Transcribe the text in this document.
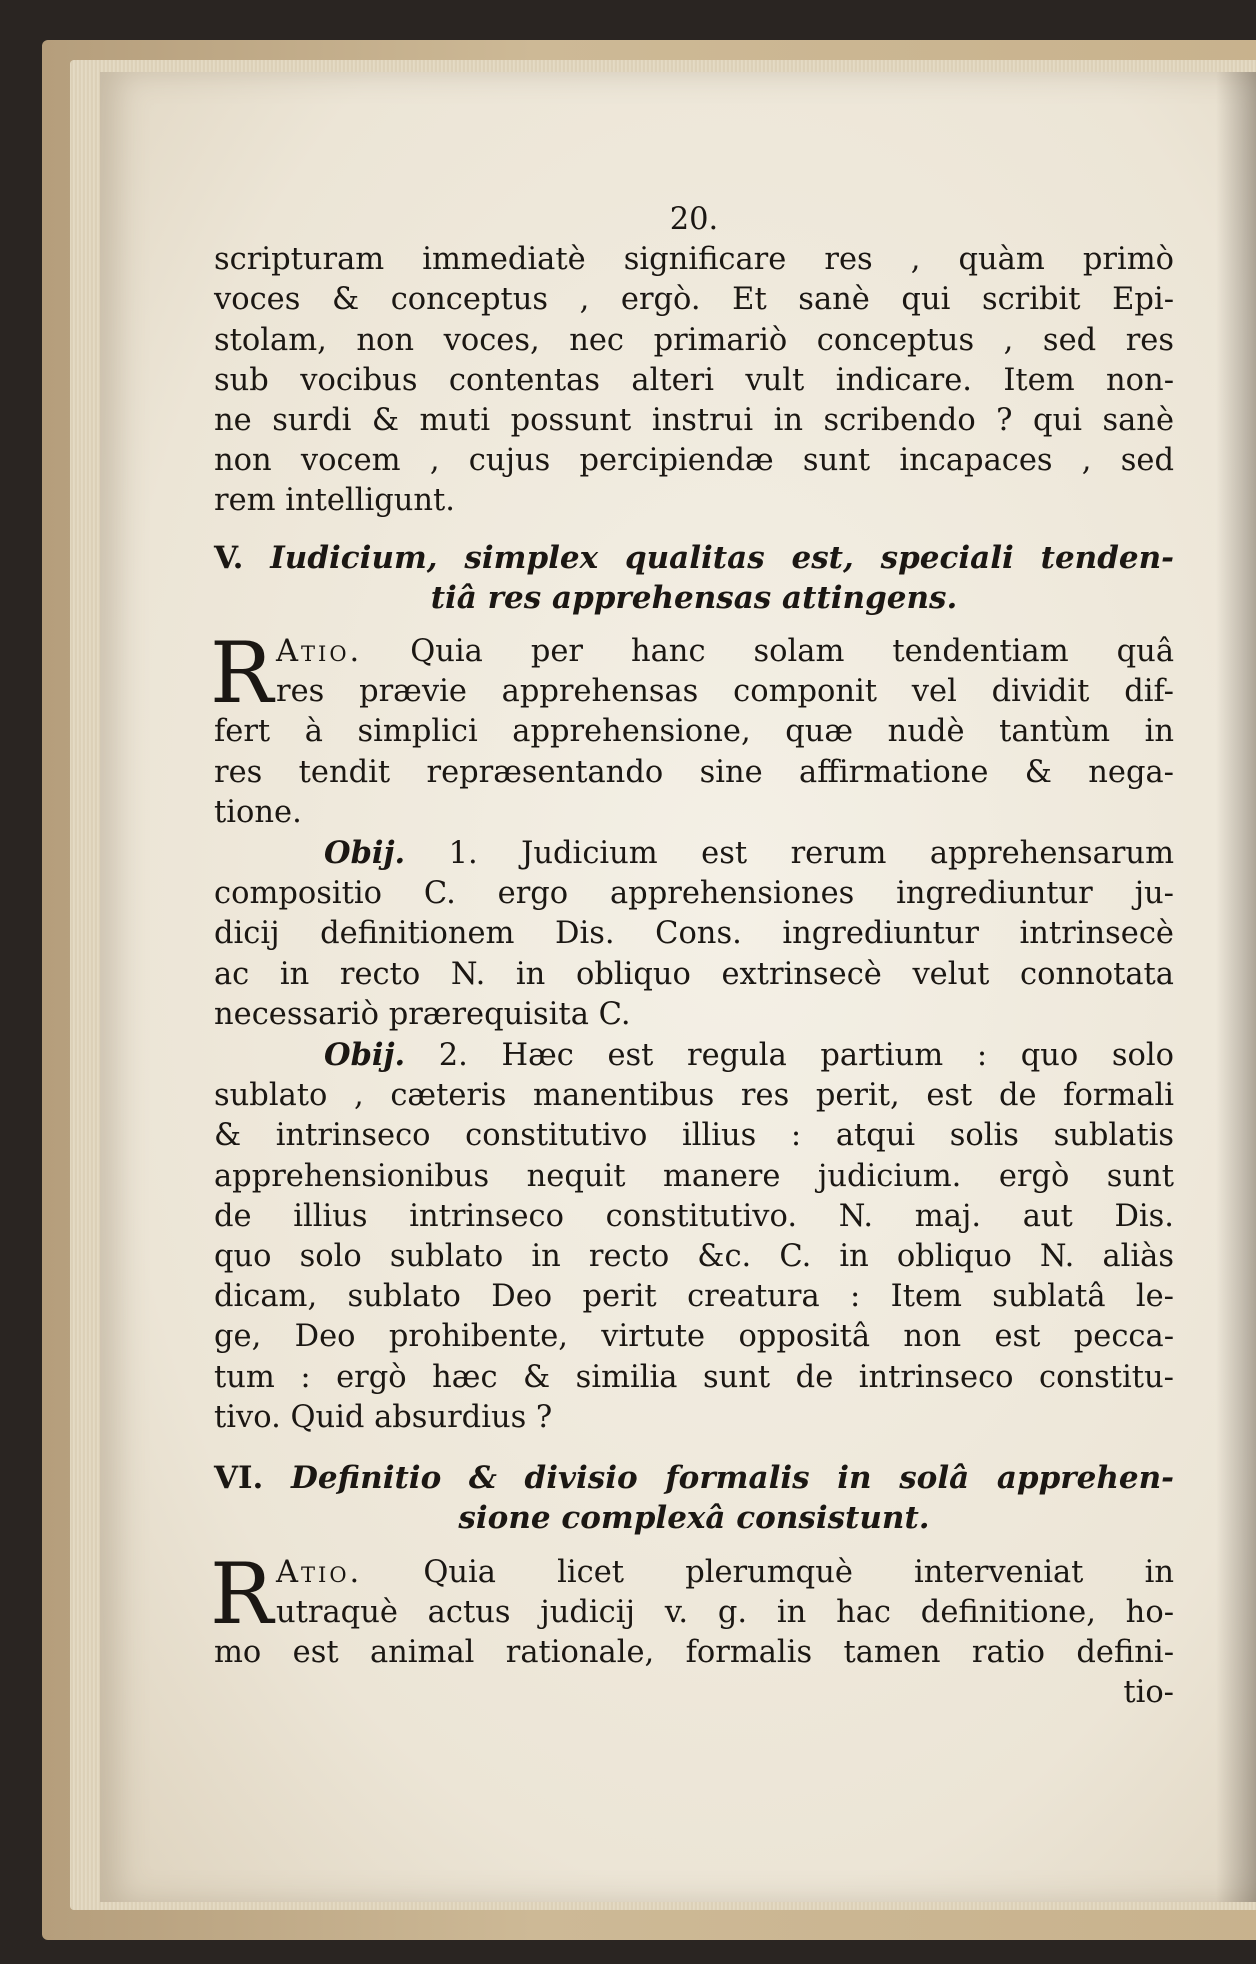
20.
scripturam immediatè significare res , quàm primò
voces & conceptus , ergò. Et sanè qui scribit Epi-
stolam, non voces, nec primariò conceptus , sed res
sub vocibus contentas alteri vult indicare. Item non-
ne surdi & muti possunt instrui in scribendo ? qui sanè
non vocem , cujus percipiendæ sunt incapaces , sed
rem intelligunt.
V. Iudicium, simplex qualitas est, speciali tenden-
tiâ res apprehensas attingens.
R Atio. Quia per hanc solam tendentiam quâ
res prævie apprehensas componit vel dividit dif-
fert à simplici apprehensione, quæ nudè tantùm in
res tendit repræsentando sine affirmatione & nega-
tione.
Obij. 1. Judicium est rerum apprehensarum
compositio C. ergo apprehensiones ingrediuntur ju-
dicij definitionem Dis. Cons. ingrediuntur intrinsecè
ac in recto N. in obliquo extrinsecè velut connotata
necessariò prærequisita C.
Obij. 2. Hæc est regula partium : quo solo
sublato , cæteris manentibus res perit, est de formali
& intrinseco constitutivo illius : atqui solis sublatis
apprehensionibus nequit manere judicium. ergò sunt
de illius intrinseco constitutivo. N. maj. aut Dis.
quo solo sublato in recto &c. C. in obliquo N. aliàs
dicam, sublato Deo perit creatura : Item sublatâ le-
ge, Deo prohibente, virtute oppositâ non est pecca-
tum : ergò hæc & similia sunt de intrinseco constitu-
tivo. Quid absurdius ?
VI. Definitio & divisio formalis in solâ apprehen-
sione complexâ consistunt.
R Atio. Quia licet plerumquè interveniat in
utraquè actus judicij v. g. in hac definitione, ho-
mo est animal rationale, formalis tamen ratio defini-
tio-
